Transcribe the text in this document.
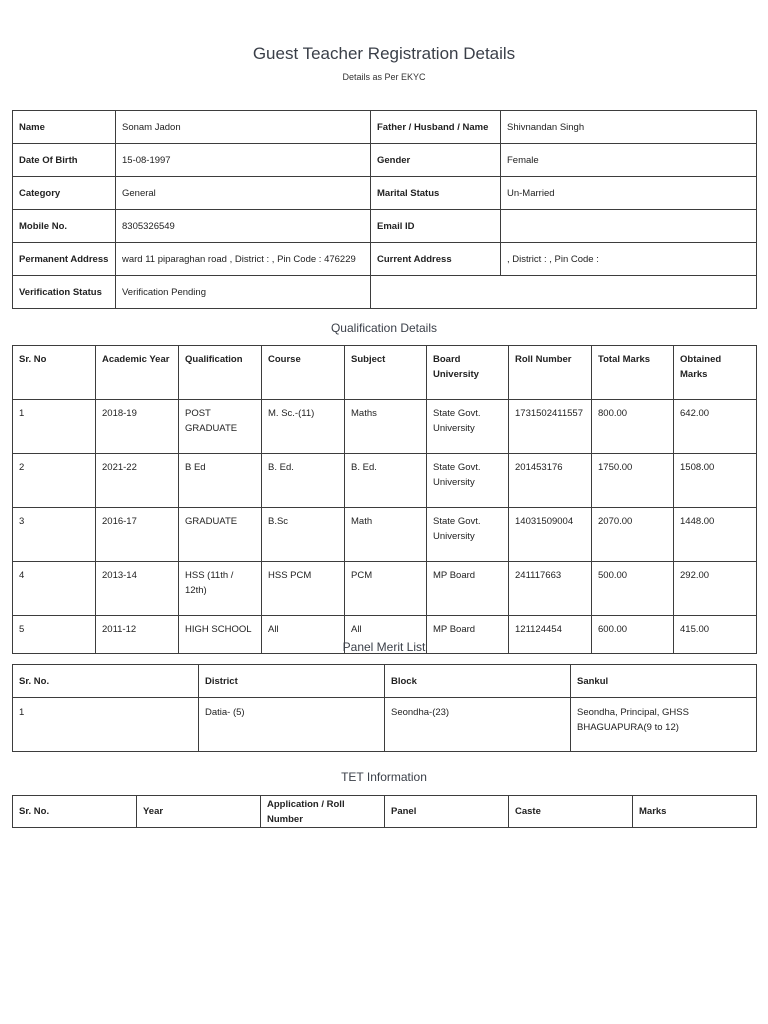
Guest Teacher Registration Details

Details as Per EKYC

Name	Sonam Jadon	Father / Husband / Name	Shivnandan Singh
Date Of Birth	15-08-1997	Gender	Female
Category	General	Marital Status	Un-Married
Mobile No.	8305326549	Email ID	
Permanent Address	ward 11 piparaghan road , District : , Pin Code : 476229	Current Address	, District : , Pin Code :
Verification Status	Verification Pending		
Qualification Details
Sr. No	Academic Year	Qualification	Course	Subject	Board University	Roll Number	Total Marks	Obtained Marks
1	2018-19	POST GRADUATE	M. Sc.-(11)	Maths	State Govt. University	1731502411557	800.00	642.00
2	2021-22	B Ed	B. Ed.	B. Ed.	State Govt. University	201453176	1750.00	1508.00
3	2016-17	GRADUATE	B.Sc	Math	State Govt. University	14031509004	2070.00	1448.00
4	2013-14	HSS (11th / 12th)	HSS PCM	PCM	MP Board	241117663	500.00	292.00
5	2011-12	HIGH SCHOOL	All	All	MP Board	121124454	600.00	415.00
Panel Merit List
Sr. No.	District	Block	Sankul
1	Datia- (5)	Seondha-(23)	Seondha, Principal, GHSS BHAGUAPURA(9 to 12)
TET Information
Sr. No.	Year	Application / Roll Number	Panel	Caste	Marks
